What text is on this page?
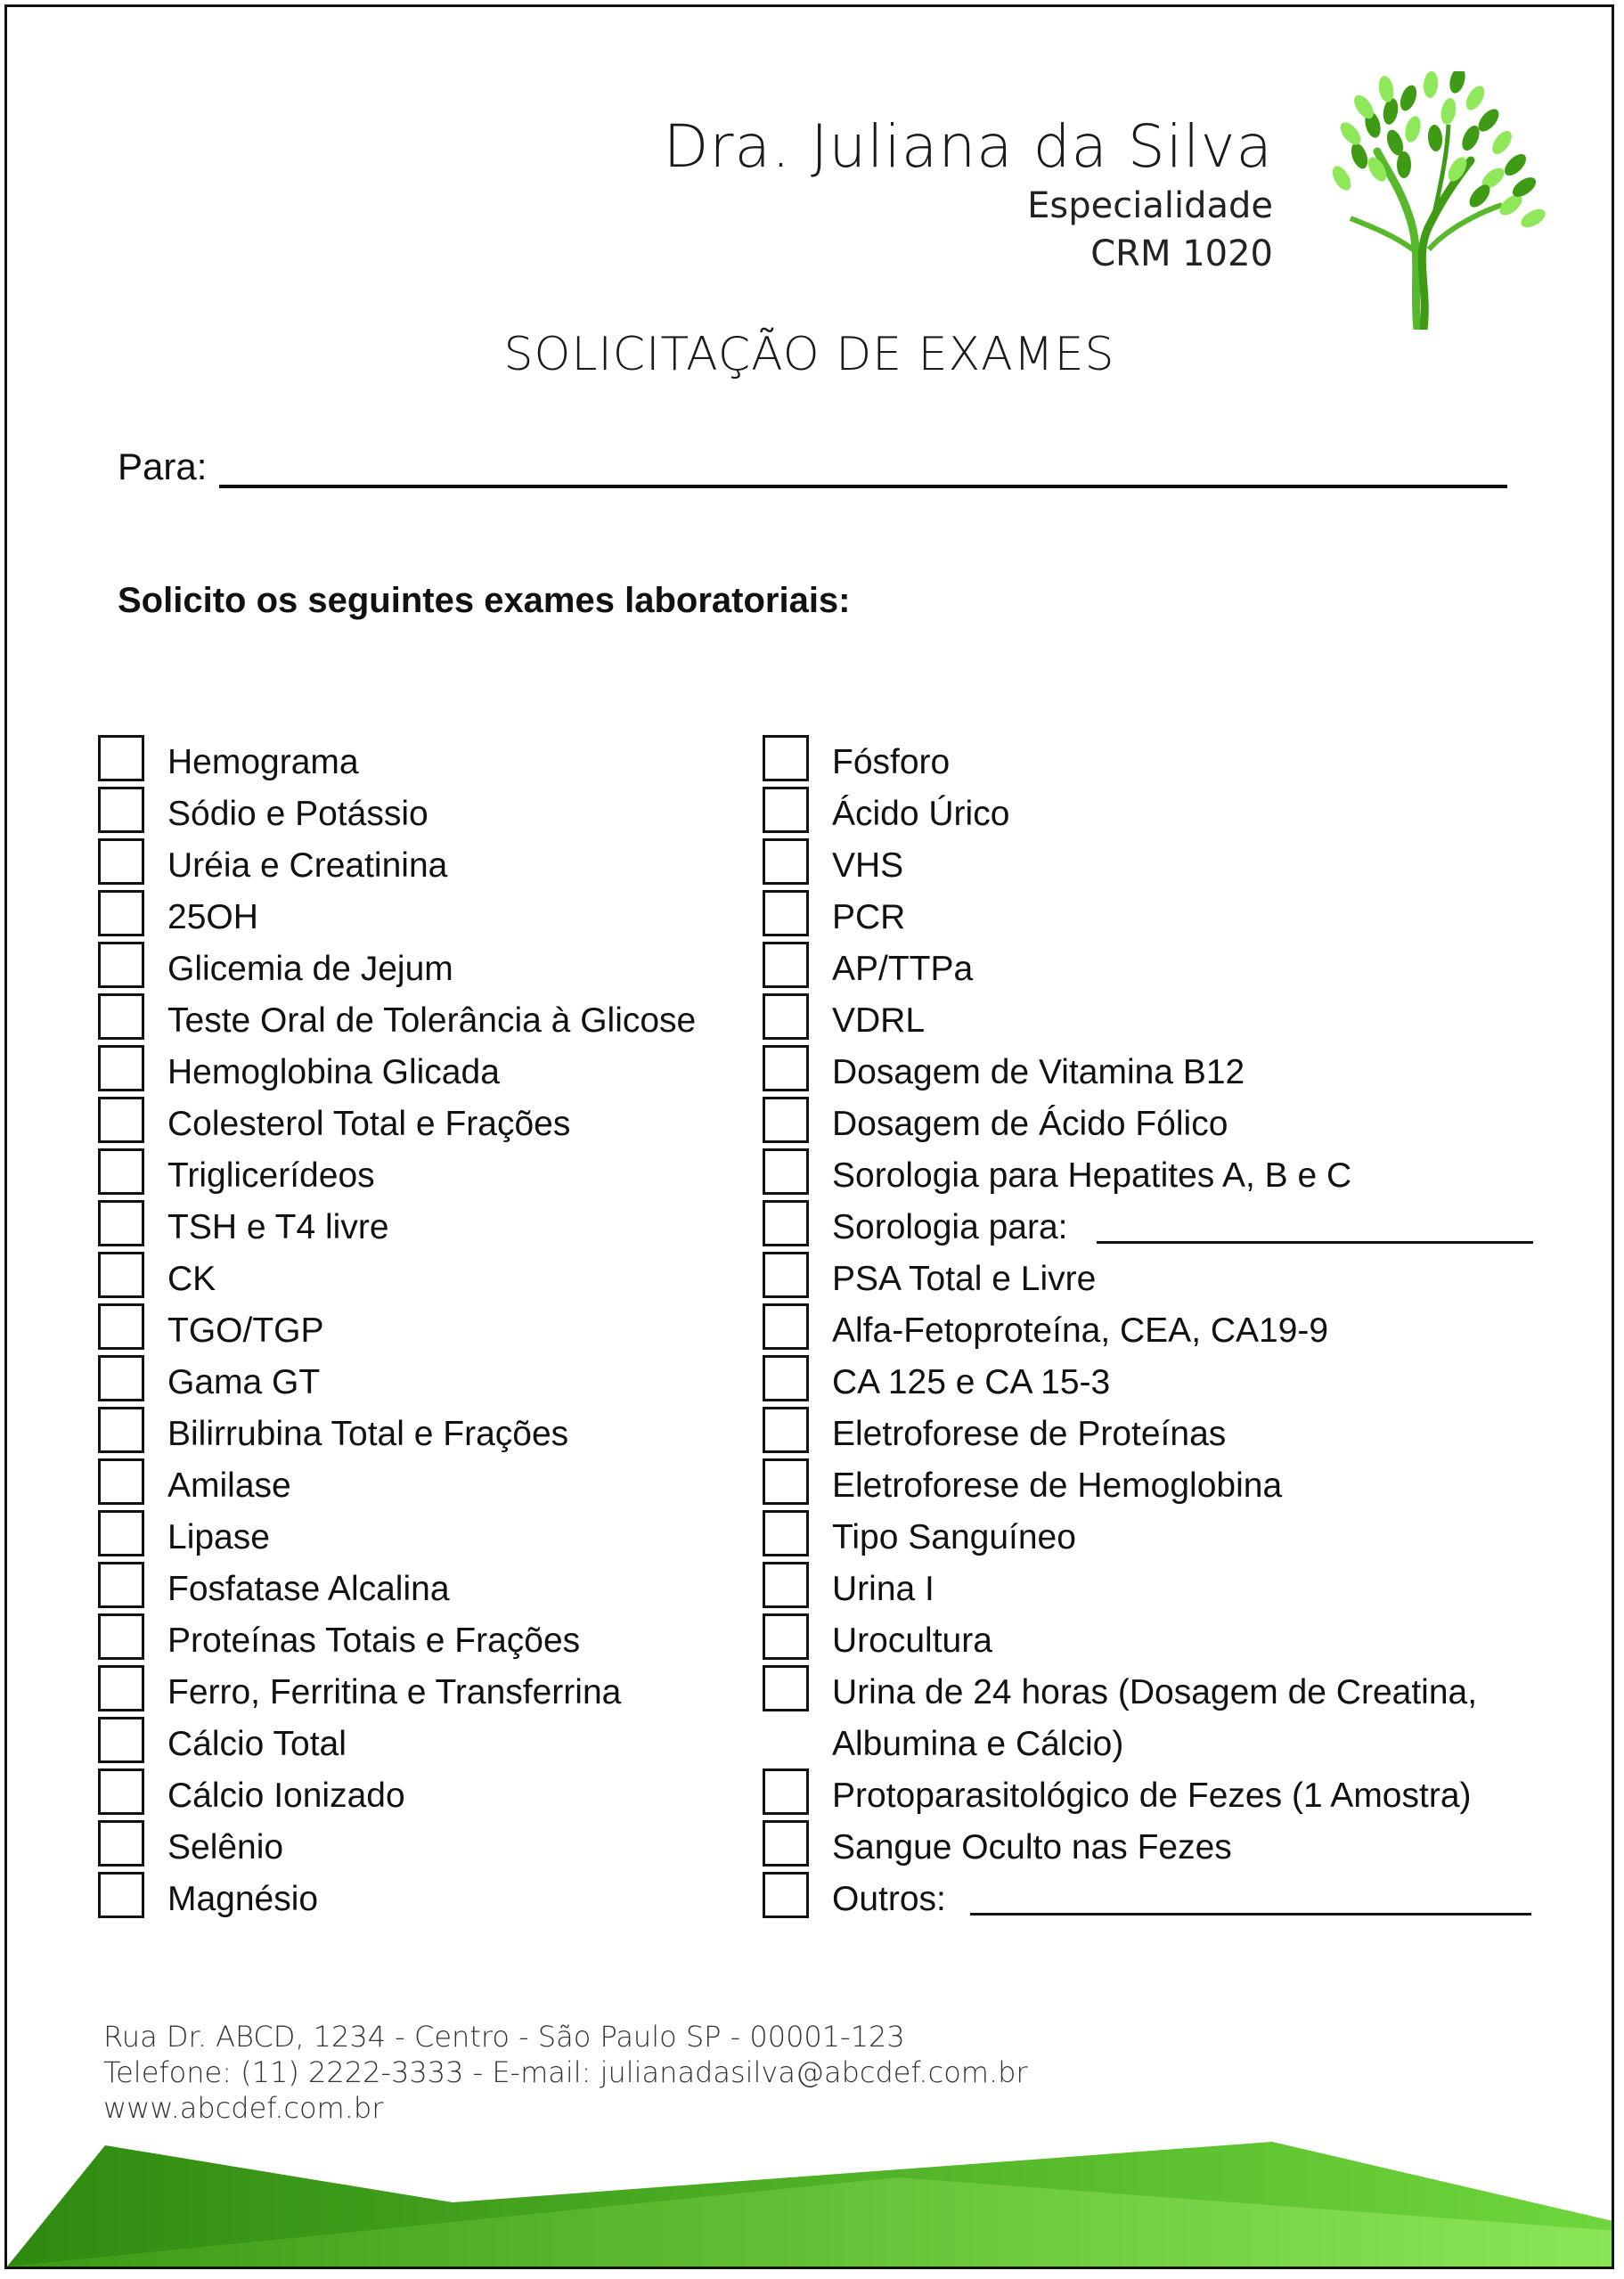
Dra. Juliana da Silva
Especialidade
CRM 1020
SOLICITAÇÃO DE EXAMES
Para:
Solicito os seguintes exames laboratoriais:
Hemograma
Sódio e Potássio
Uréia e Creatinina
25OH
Glicemia de Jejum
Teste Oral de Tolerância à Glicose
Hemoglobina Glicada
Colesterol Total e Frações
Triglicerídeos
TSH e T4 livre
CK
TGO/TGP
Gama GT
Bilirrubina Total e Frações
Amilase
Lipase
Fosfatase Alcalina
Proteínas Totais e Frações
Ferro, Ferritina e Transferrina
Cálcio Total
Cálcio Ionizado
Selênio
Magnésio
Fósforo
Ácido Úrico
VHS
PCR
AP/TTPa
VDRL
Dosagem de Vitamina B12
Dosagem de Ácido Fólico
Sorologia para Hepatites A, B e C
Sorologia para:
PSA Total e Livre
Alfa-Fetoproteína, CEA, CA19-9
CA 125 e CA 15-3
Eletroforese de Proteínas
Eletroforese de Hemoglobina
Tipo Sanguíneo
Urina I
Urocultura
Urina de 24 horas (Dosagem de Creatina, Albumina e Cálcio)
Protoparasitológico de Fezes (1 Amostra)
Sangue Oculto nas Fezes
Outros:
Rua Dr. ABCD, 1234 - Centro - São Paulo SP - 00001-123
Telefone: (11) 2222-3333 - E-mail: julianadasilva@abcdef.com.br
www.abcdef.com.br
